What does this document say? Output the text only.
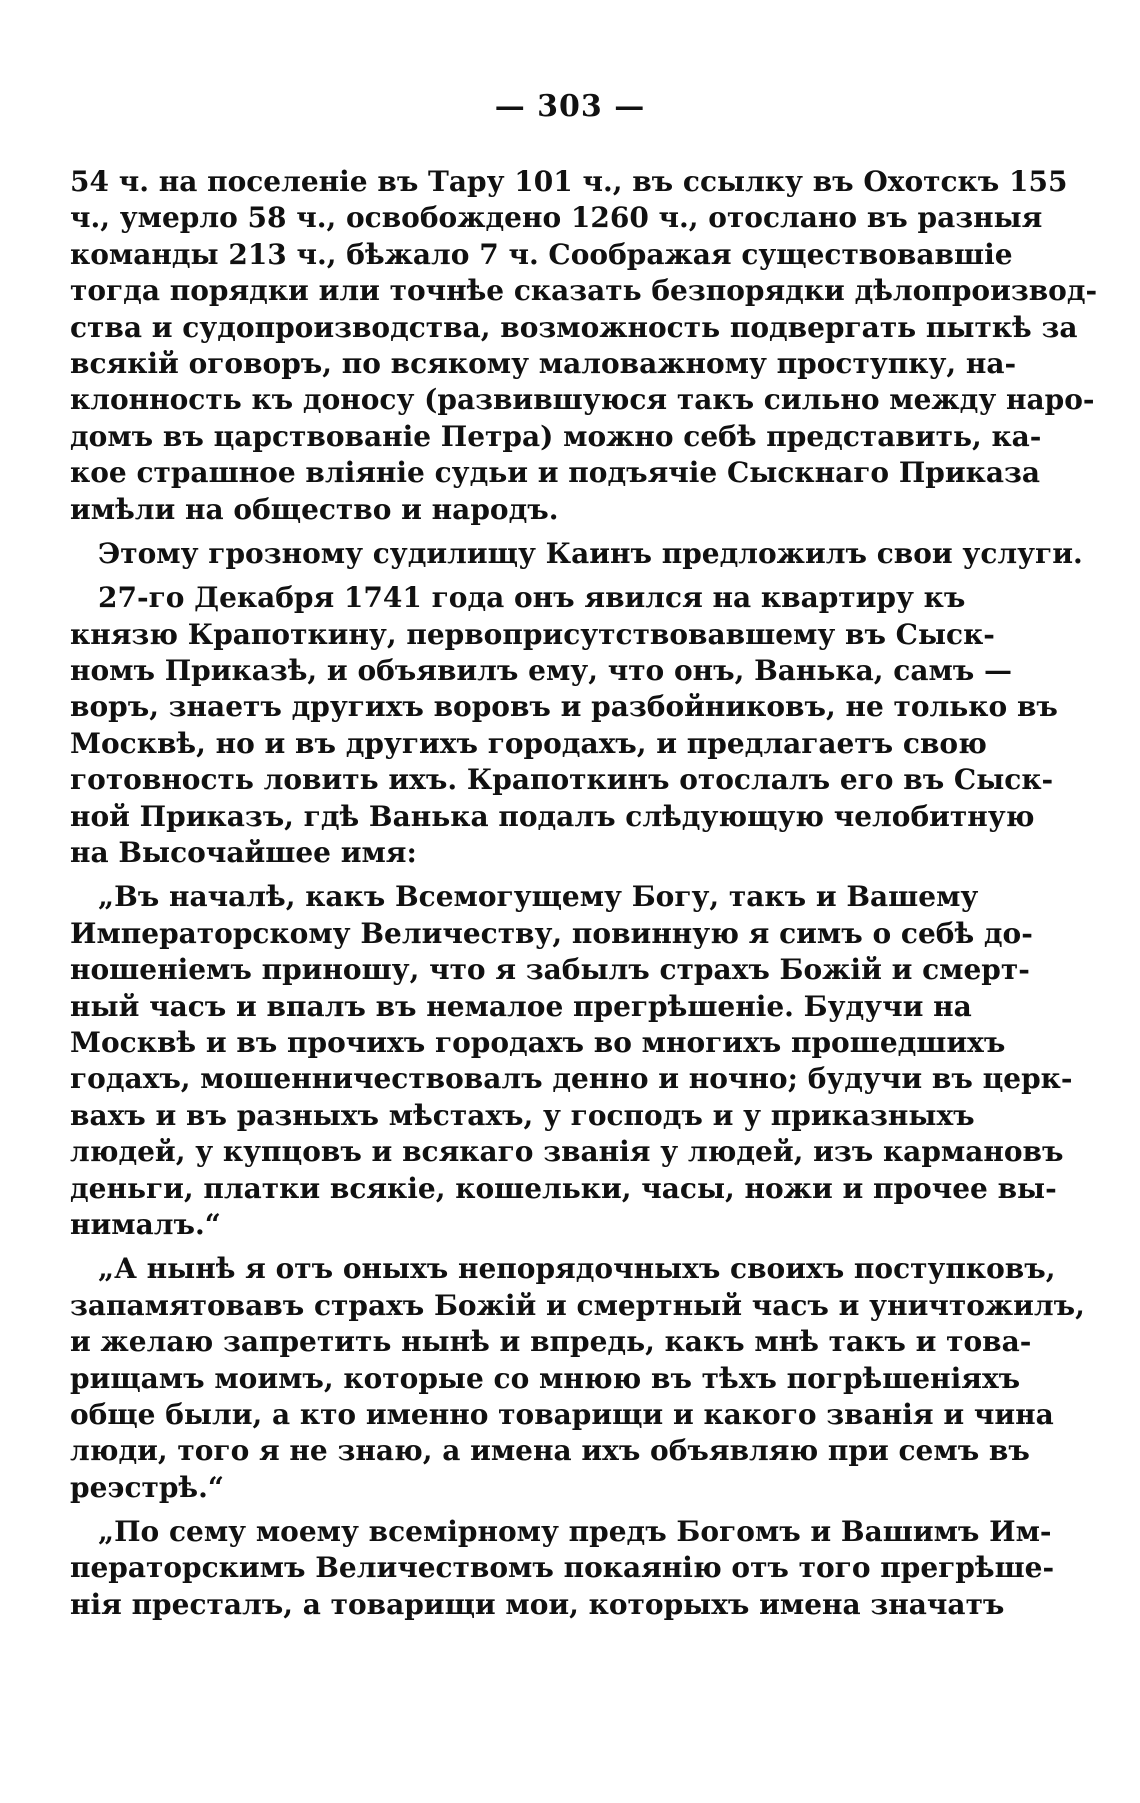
— 303 —
54 ч. на поселеніе въ Тару 101 ч., въ ссылку въ Охотскъ 155
ч., умерло 58 ч., освобождено 1260 ч., отослано въ разныя
команды 213 ч., бѣжало 7 ч. Соображая существовавшіе
тогда порядки или точнѣе сказать безпорядки дѣлопроизвод-
ства и судопроизводства, возможность подвергать пыткѣ за
всякій оговоръ, по всякому маловажному проступку, на-
клонность къ доносу (развившуюся такъ сильно между наро-
домъ въ царствованіе Петра) можно себѣ представить, ка-
кое страшное вліяніе судьи и подъячіе Сыскнаго Приказа
имѣли на общество и народъ.
Этому грозному судилищу Каинъ предложилъ свои услуги.
27-го Декабря 1741 года онъ явился на квартиру къ
князю Крапоткину, первоприсутствовавшему въ Сыск-
номъ Приказѣ, и объявилъ ему, что онъ, Ванька, самъ —
воръ, знаетъ другихъ воровъ и разбойниковъ, не только въ
Москвѣ, но и въ другихъ городахъ, и предлагаетъ свою
готовность ловить ихъ. Крапоткинъ отослалъ его въ Сыск-
ной Приказъ, гдѣ Ванька подалъ слѣдующую челобитную
на Высочайшее имя:
„Въ началѣ, какъ Всемогущему Богу, такъ и Вашему
Императорскому Величеству, повинную я симъ о себѣ до-
ношеніемъ приношу, что я забылъ страхъ Божій и смерт-
ный часъ и впалъ въ немалое прегрѣшеніе. Будучи на
Москвѣ и въ прочихъ городахъ во многихъ прошедшихъ
годахъ, мошенничествовалъ денно и ночно; будучи въ церк-
вахъ и въ разныхъ мѣстахъ, у господъ и у приказныхъ
людей, у купцовъ и всякаго званія у людей, изъ кармановъ
деньги, платки всякіе, кошельки, часы, ножи и прочее вы-
нималъ.“
„А нынѣ я отъ оныхъ непорядочныхъ своихъ поступковъ,
запамятовавъ страхъ Божій и смертный часъ и уничтожилъ,
и желаю запретить нынѣ и впредь, какъ мнѣ такъ и това-
рищамъ моимъ, которые со мнюю въ тѣхъ погрѣшеніяхъ
обще были, а кто именно товарищи и какого званія и чина
люди, того я не знаю, а имена ихъ объявляю при семъ въ
реэстрѣ.“
„По сему моему всемірному предъ Богомъ и Вашимъ Им-
ператорскимъ Величествомъ покаянію отъ того прегрѣше-
нія престалъ, а товарищи мои, которыхъ имена значатъ
